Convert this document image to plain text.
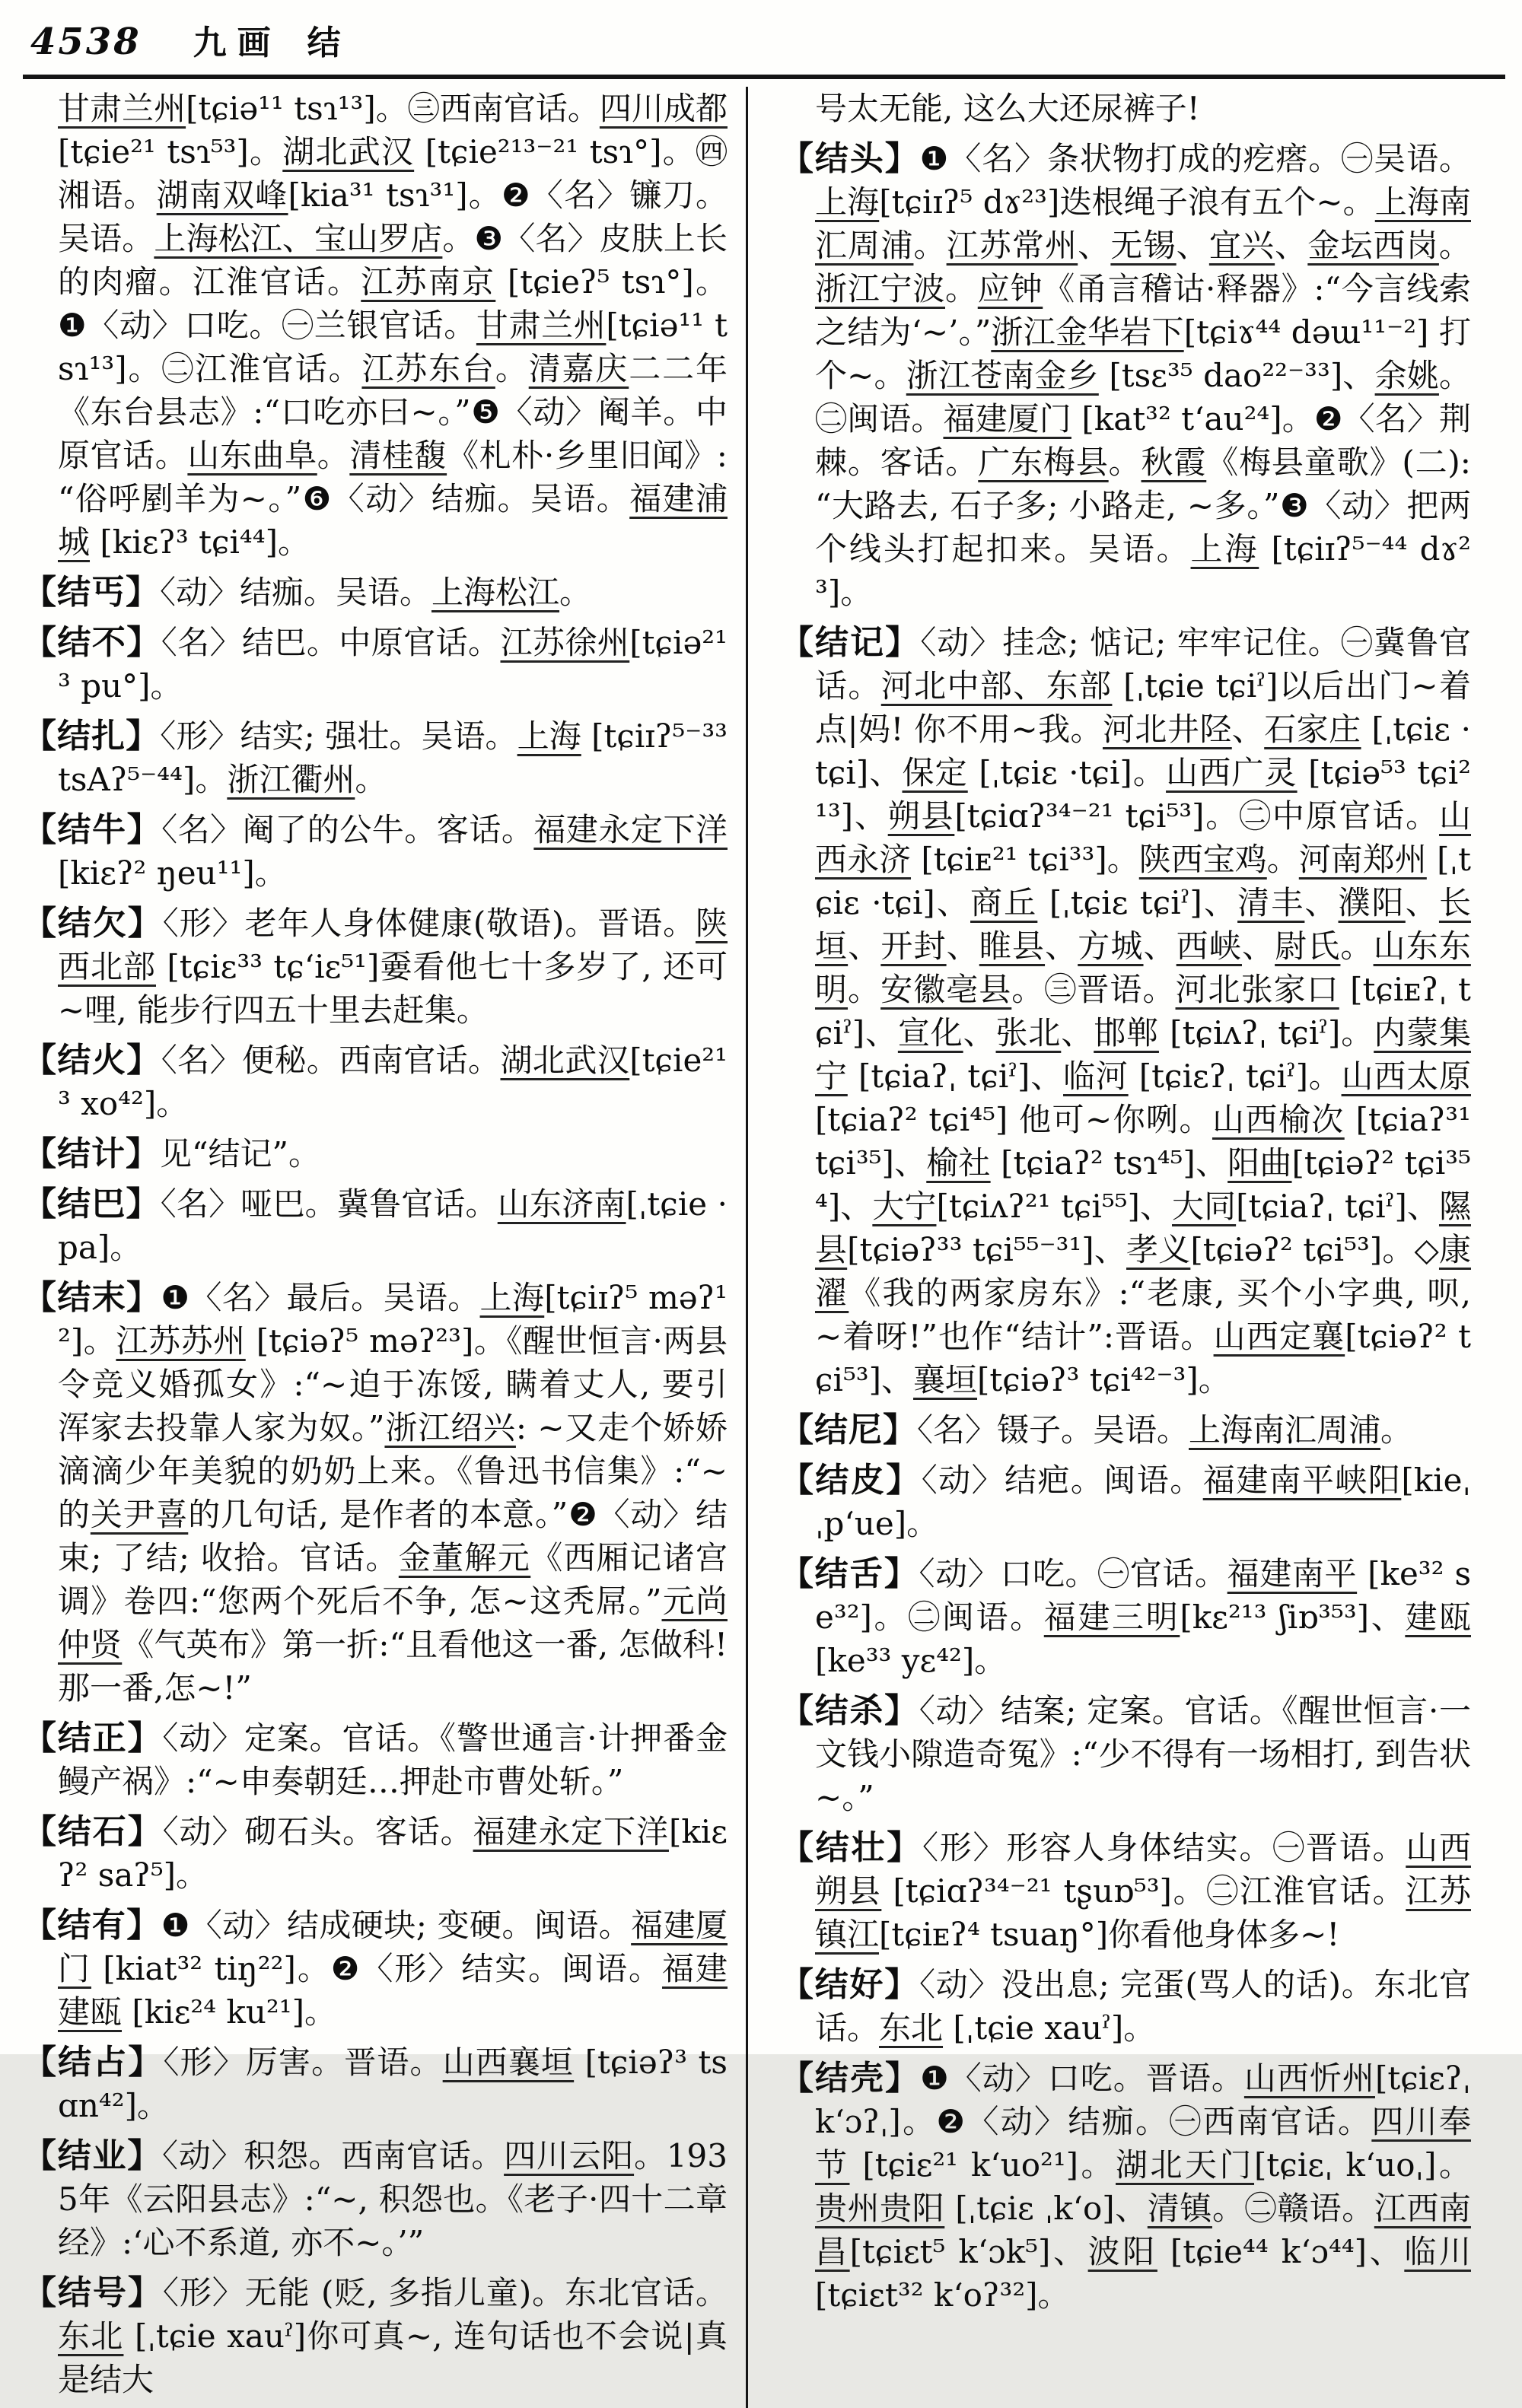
4538 九画 结

甘肃兰州[tɕiə¹¹ tsɿ¹³]。㊂西南官话。四川成都[tɕie²¹ tsɿ⁵³]。湖北武汉 [tɕie²¹³⁻²¹ tsɿ°]。㊃湘语。湖南双峰[kia³¹ tsɿ³¹]。❷〈名〉镰刀。吴语。上海松江、宝山罗店。❸〈名〉皮肤上长的肉瘤。江淮官话。江苏南京 [tɕieʔ⁵ tsɿ°]。❶〈动〉口吃。㊀兰银官话。甘肃兰州[tɕiə¹¹ tsɿ¹³]。㊁江淮官话。江苏东台。清嘉庆二二年《东台县志》:“口吃亦曰~。”❺〈动〉阉羊。中原官话。山东曲阜。清桂馥《札朴·乡里旧闻》:“俗呼剭羊为~。”❻〈动〉结痂。吴语。福建浦城 [kiɛʔ³ tɕi⁴⁴]。

【结丐】〈动〉结痂。吴语。上海松江。

【结不】〈名〉结巴。中原官话。江苏徐州[tɕiə²¹³ pu°]。

【结扎】〈形〉结实; 强壮。吴语。上海 [tɕiɪʔ⁵⁻³³ tsAʔ⁵⁻⁴⁴]。浙江衢州。

【结牛】〈名〉阉了的公牛。客话。福建永定下洋 [kiɛʔ² ŋeu¹¹]。

【结欠】〈形〉老年人身体健康(敬语)。晋语。陕西北部 [tɕiɛ³³ tɕ‘iɛ⁵¹]嫑看他七十多岁了, 还可~哩, 能步行四五十里去赶集。

【结火】〈名〉便秘。西南官话。湖北武汉[tɕie²¹³ xo⁴²]。

【结计】见“结记”。

【结巴】〈名〉哑巴。冀鲁官话。山东济南[ˌtɕie ·pa]。

【结末】❶〈名〉最后。吴语。上海[tɕiɪʔ⁵ məʔ¹²]。江苏苏州 [tɕiəʔ⁵ məʔ²³]。《醒世恒言·两县令竞义婚孤女》:“~迫于冻馁, 瞒着丈人, 要引浑家去投靠人家为奴。”浙江绍兴: ~又走个娇娇滴滴少年美貌的奶奶上来。《鲁迅书信集》:“~的关尹喜的几句话, 是作者的本意。”❷〈动〉结束; 了结; 收拾。官话。金董解元《西厢记诸宫调》卷四:“您两个死后不争, 怎~这秃屌。”元尚仲贤《气英布》第一折:“且看他这一番, 怎做科!那一番,怎~!”

【结正】〈动〉定案。官话。《警世通言·计押番金鳗产祸》:“~申奏朝廷…押赴市曹处斩。”

【结石】〈动〉砌石头。客话。福建永定下洋[kiɛʔ² saʔ⁵]。

【结有】❶〈动〉结成硬块; 变硬。闽语。福建厦门 [kiat³² tiŋ²²]。❷〈形〉结实。闽语。福建建瓯 [kiɛ²⁴ ku²¹]。

【结占】〈形〉厉害。晋语。山西襄垣 [tɕiəʔ³ tsɑn⁴²]。

【结业】〈动〉积怨。西南官话。四川云阳。1935年《云阳县志》:“~, 积怨也。《老子·四十二章经》:‘心不系道, 亦不~。’”

【结号】〈形〉无能 (贬, 多指儿童)。东北官话。东北 [ˌtɕie xauˀ]你可真~, 连句话也不会说|真是结大

号太无能, 这么大还尿裤子!

【结头】❶〈名〉条状物打成的疙瘩。㊀吴语。上海[tɕiɪʔ⁵ dɤ²³]迭根绳子浪有五个~。上海南汇周浦。江苏常州、无锡、宜兴、金坛西岗。浙江宁波。应钟《甬言稽诂·释器》:“今言线索之结为‘~’。”浙江金华岩下[tɕiɤ⁴⁴ dəɯ¹¹⁻²] 打个~。浙江苍南金乡 [tsɛ³⁵ dao²²⁻³³]、余姚。㊁闽语。福建厦门 [kat³² t‘au²⁴]。❷〈名〉荆棘。客话。广东梅县。秋霞《梅县童歌》(二):“大路去, 石子多; 小路走, ~多。”❸〈动〉把两个线头打起扣来。吴语。上海 [tɕiɪʔ⁵⁻⁴⁴ dɤ²³]。

【结记】〈动〉挂念; 惦记; 牢牢记住。㊀冀鲁官话。河北中部、东部 [ˌtɕie tɕiˀ]以后出门~着点|妈! 你不用~我。河北井陉、石家庄 [ˌtɕiɛ ·tɕi]、保定 [ˌtɕiɛ ·tɕi]。山西广灵 [tɕiə⁵³ tɕi²¹³]、朔县[tɕiɑʔ³⁴⁻²¹ tɕi⁵³]。㊁中原官话。山西永济 [tɕiᴇ²¹ tɕi³³]。陕西宝鸡。河南郑州 [ˌtɕiɛ ·tɕi]、商丘 [ˌtɕiɛ tɕiˀ]、清丰、濮阳、长垣、开封、睢县、方城、西峡、尉氏。山东东明。安徽亳县。㊂晋语。河北张家口 [tɕiᴇʔˌ tɕiˀ]、宣化、张北、邯郸 [tɕiʌʔˌ tɕiˀ]。内蒙集宁 [tɕiaʔˌ tɕiˀ]、临河 [tɕiɛʔˌ tɕiˀ]。山西太原 [tɕiaʔ² tɕi⁴⁵] 他可~你咧。山西榆次 [tɕiaʔ³¹ tɕi³⁵]、榆社 [tɕiaʔ² tsɿ⁴⁵]、阳曲[tɕiəʔ² tɕi³⁵⁴]、大宁[tɕiʌʔ²¹ tɕi⁵⁵]、大同[tɕiaʔˌ tɕiˀ]、隰县[tɕiəʔ³³ tɕi⁵⁵⁻³¹]、孝义[tɕiəʔ² tɕi⁵³]。◇康濯《我的两家房东》:“老康, 买个小字典, 呗, ~着呀!”也作“结计”:晋语。山西定襄[tɕiəʔ² tɕi⁵³]、襄垣[tɕiəʔ³ tɕi⁴²⁻³]。

【结尼】〈名〉镊子。吴语。上海南汇周浦。

【结皮】〈动〉结疤。闽语。福建南平峡阳[kieˌ ˌp‘ue]。

【结舌】〈动〉口吃。㊀官话。福建南平 [ke³² se³²]。㊁闽语。福建三明[kɛ²¹³ ʃiɒ³⁵³]、建瓯 [ke³³ yɛ⁴²]。

【结杀】〈动〉结案; 定案。官话。《醒世恒言·一文钱小隙造奇冤》:“少不得有一场相打, 到告状~。”

【结壮】〈形〉形容人身体结实。㊀晋语。山西朔县 [tɕiɑʔ³⁴⁻²¹ tʂuɒ⁵³]。㊁江淮官话。江苏镇江[tɕiᴇʔ⁴ tsuaŋ°]你看他身体多~!

【结好】〈动〉没出息; 完蛋(骂人的话)。东北官话。东北 [ˌtɕie xauˀ]。

【结壳】❶〈动〉口吃。晋语。山西忻州[tɕiɛʔˌ k‘ɔʔˌ]。❷〈动〉结痂。㊀西南官话。四川奉节 [tɕiɛ²¹ k‘uo²¹]。湖北天门[tɕiɛˌ k‘uoˌ]。贵州贵阳 [ˌtɕiɛ ˌk‘o]、清镇。㊁赣语。江西南昌[tɕiɛt⁵ k‘ɔk⁵]、波阳 [tɕie⁴⁴ k‘ɔ⁴⁴]、临川 [tɕiɛt³² k‘oʔ³²]。
